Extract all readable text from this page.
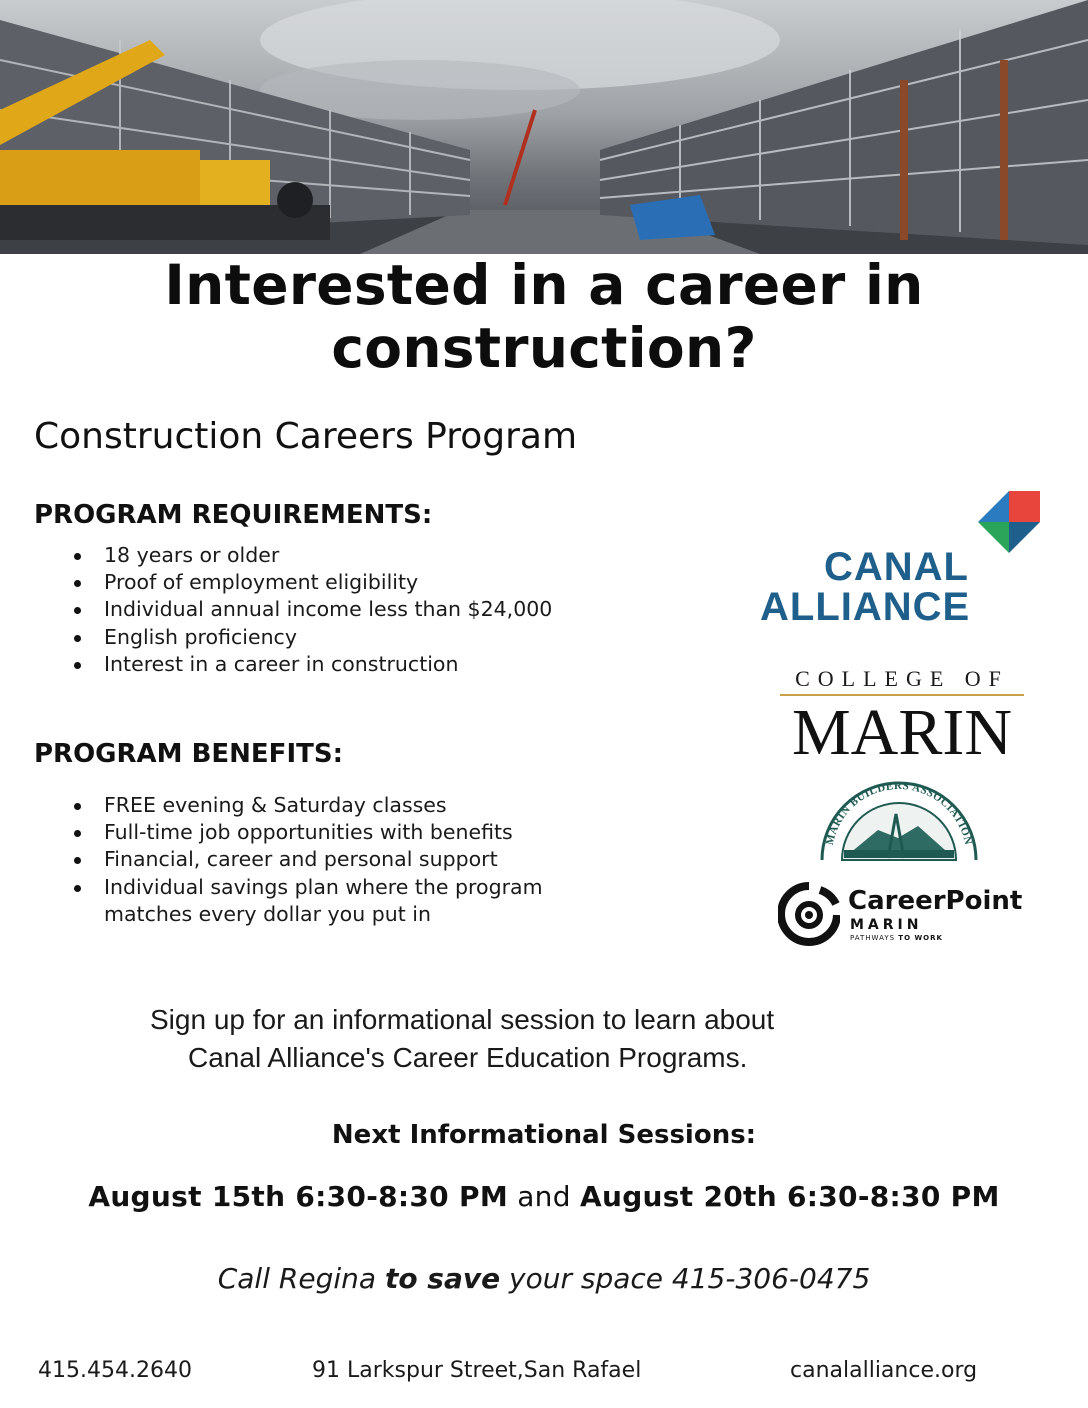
Interested in a career in
construction?
Construction Careers Program
PROGRAM REQUIREMENTS:
18 years or older
Proof of employment eligibility
Individual annual income less than $24,000
English proficiency
Interest in a career in construction
PROGRAM BENEFITS:
FREE evening & Saturday classes
Full-time job opportunities with benefits
Financial, career and personal support
Individual savings plan where the program matches every dollar you put in
CANAL
ALLIANCE
COLLEGE OF
MARIN
MARIN BUILDERS ASSOCIATION
CareerPoint
MARIN
PATHWAYS TO WORK
Sign up for an informational session to learn about
Canal Alliance's Career Education Programs.
Next Informational Sessions:
August 15th 6:30-8:30 PM and August 20th 6:30-8:30 PM
Call Regina to save your space 415-306-0475
415.454.2640	91 Larkspur Street,San Rafael	canalalliance.org
